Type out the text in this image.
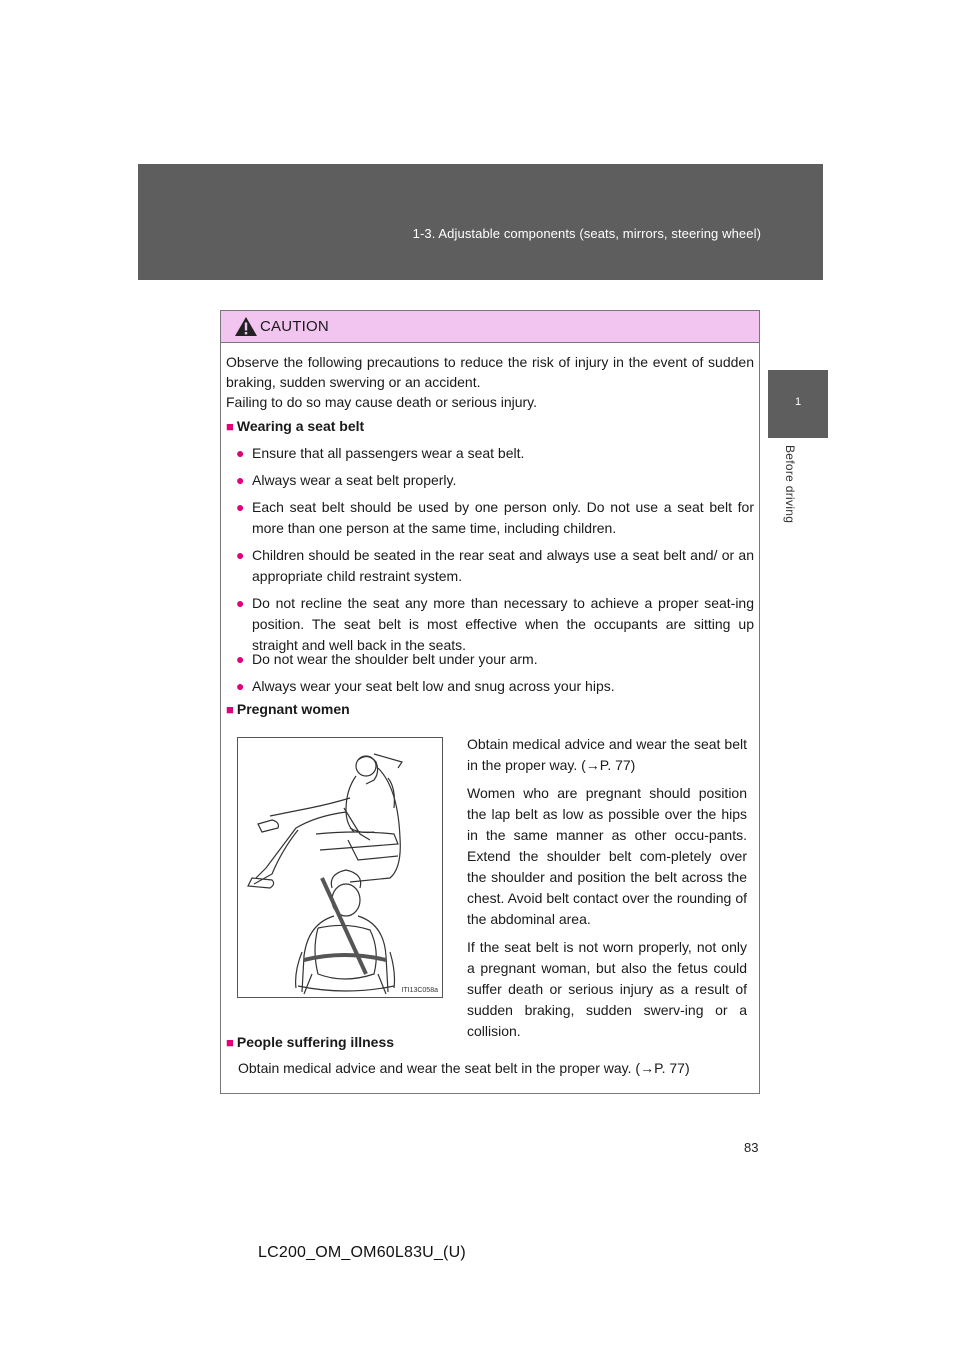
1-3. Adjustable components (seats, mirrors, steering wheel)
1
Before driving
CAUTION
Observe the following precautions to reduce the risk of injury in the event of sudden braking, sudden swerving or an accident.
Failing to do so may cause death or serious injury.
■ Wearing a seat belt
● Ensure that all passengers wear a seat belt.
● Always wear a seat belt properly.
● Each seat belt should be used by one person only. Do not use a seat belt for more than one person at the same time, including children.
● Children should be seated in the rear seat and always use a seat belt and/ or an appropriate child restraint system.
● Do not recline the seat any more than necessary to achieve a proper seat-ing position. The seat belt is most effective when the occupants are sitting up straight and well back in the seats.
● Do not wear the shoulder belt under your arm.
● Always wear your seat belt low and snug across your hips.
■ Pregnant women
ITI13C058a
Obtain medical advice and wear the seat belt in the proper way. (→P. 77)
Women who are pregnant should position the lap belt as low as possible over the hips in the same manner as other occu-pants. Extend the shoulder belt com-pletely over the shoulder and position the belt across the chest. Avoid belt contact over the rounding of the abdominal area.
If the seat belt is not worn properly, not only a pregnant woman, but also the fetus could suffer death or serious injury as a result of sudden braking, sudden swerv-ing or a collision.
■ People suffering illness
Obtain medical advice and wear the seat belt in the proper way. (→P. 77)
83
LC200_OM_OM60L83U_(U)
